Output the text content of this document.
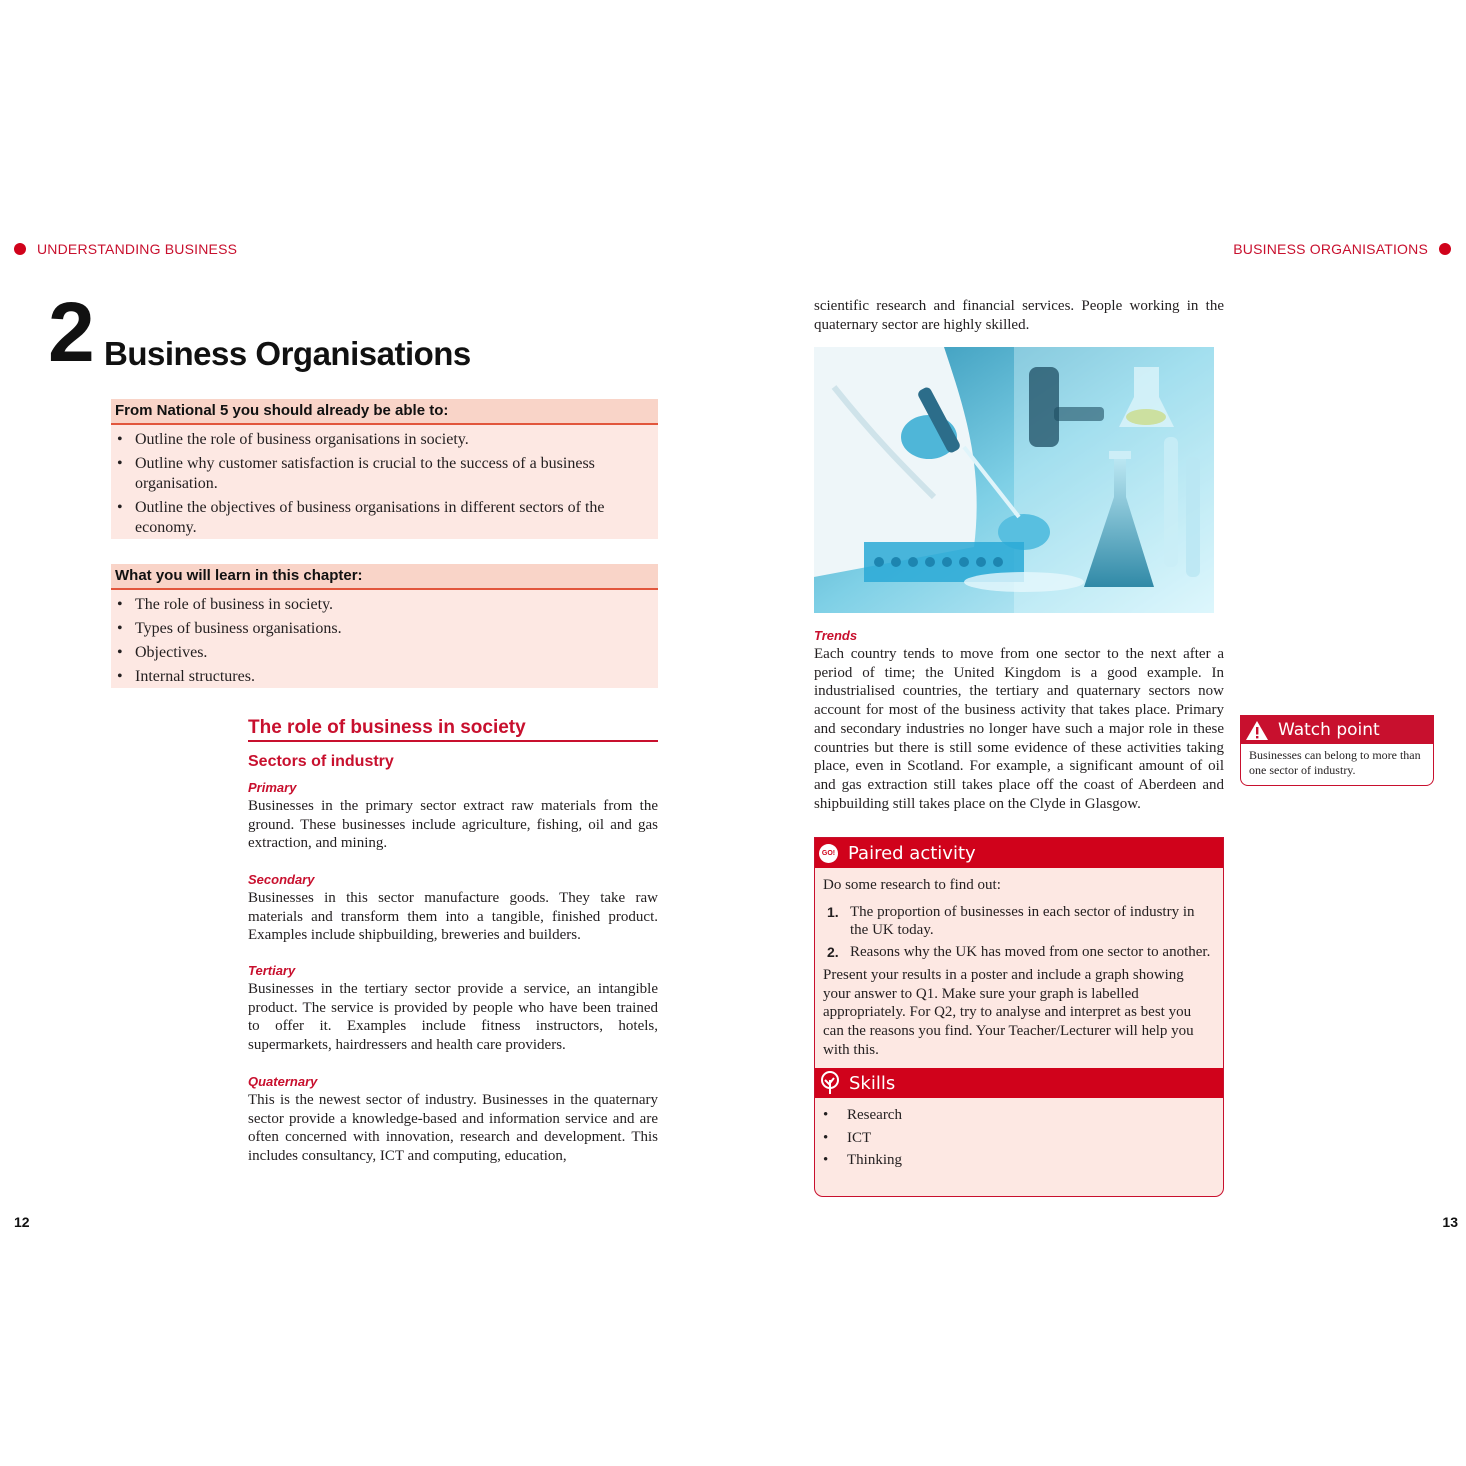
UNDERSTANDING BUSINESS	BUSINESS ORGANISATIONS
2 Business Organisations
From National 5 you should already be able to:
• Outline the role of business organisations in society.
• Outline why customer satisfaction is crucial to the success of a business organisation.
• Outline the objectives of business organisations in different sectors of the economy.
What you will learn in this chapter:
• The role of business in society.
• Types of business organisations.
• Objectives.
• Internal structures.
The role of business in society
Sectors of industry
Primary
Businesses in the primary sector extract raw materials from the ground. These businesses include agriculture, fishing, oil and gas extraction, and mining.
Secondary
Businesses in this sector manufacture goods. They take raw materials and transform them into a tangible, finished product. Examples include shipbuilding, breweries and builders.
Tertiary
Businesses in the tertiary sector provide a service, an intangible product. The service is provided by people who have been trained to offer it. Examples include fitness instructors, hotels, supermarkets, hairdressers and health care providers.
Quaternary
This is the newest sector of industry. Businesses in the quaternary sector provide a knowledge-based and information service and are often concerned with innovation, research and development. This includes consultancy, ICT and computing, education,
scientific research and financial services. People working in the quaternary sector are highly skilled.
Trends
Each country tends to move from one sector to the next after a period of time; the United Kingdom is a good example. In industrialised countries, the tertiary and quaternary sectors now account for most of the business activity that takes place. Primary and secondary industries no longer have such a major role in these countries but there is still some evidence of these activities taking place, even in Scotland. For example, a significant amount of oil and gas extraction still takes place off the coast of Aberdeen and shipbuilding still takes place on the Clyde in Glasgow.
Watch point
Businesses can belong to more than one sector of industry.
GO! Paired activity
Do some research to find out:
1. The proportion of businesses in each sector of industry in the UK today.
2. Reasons why the UK has moved from one sector to another.
Present your results in a poster and include a graph showing your answer to Q1. Make sure your graph is labelled appropriately. For Q2, try to analyse and interpret as best you can the reasons you find. Your Teacher/Lecturer will help you with this.
Skills
• Research
• ICT
• Thinking
12	13
